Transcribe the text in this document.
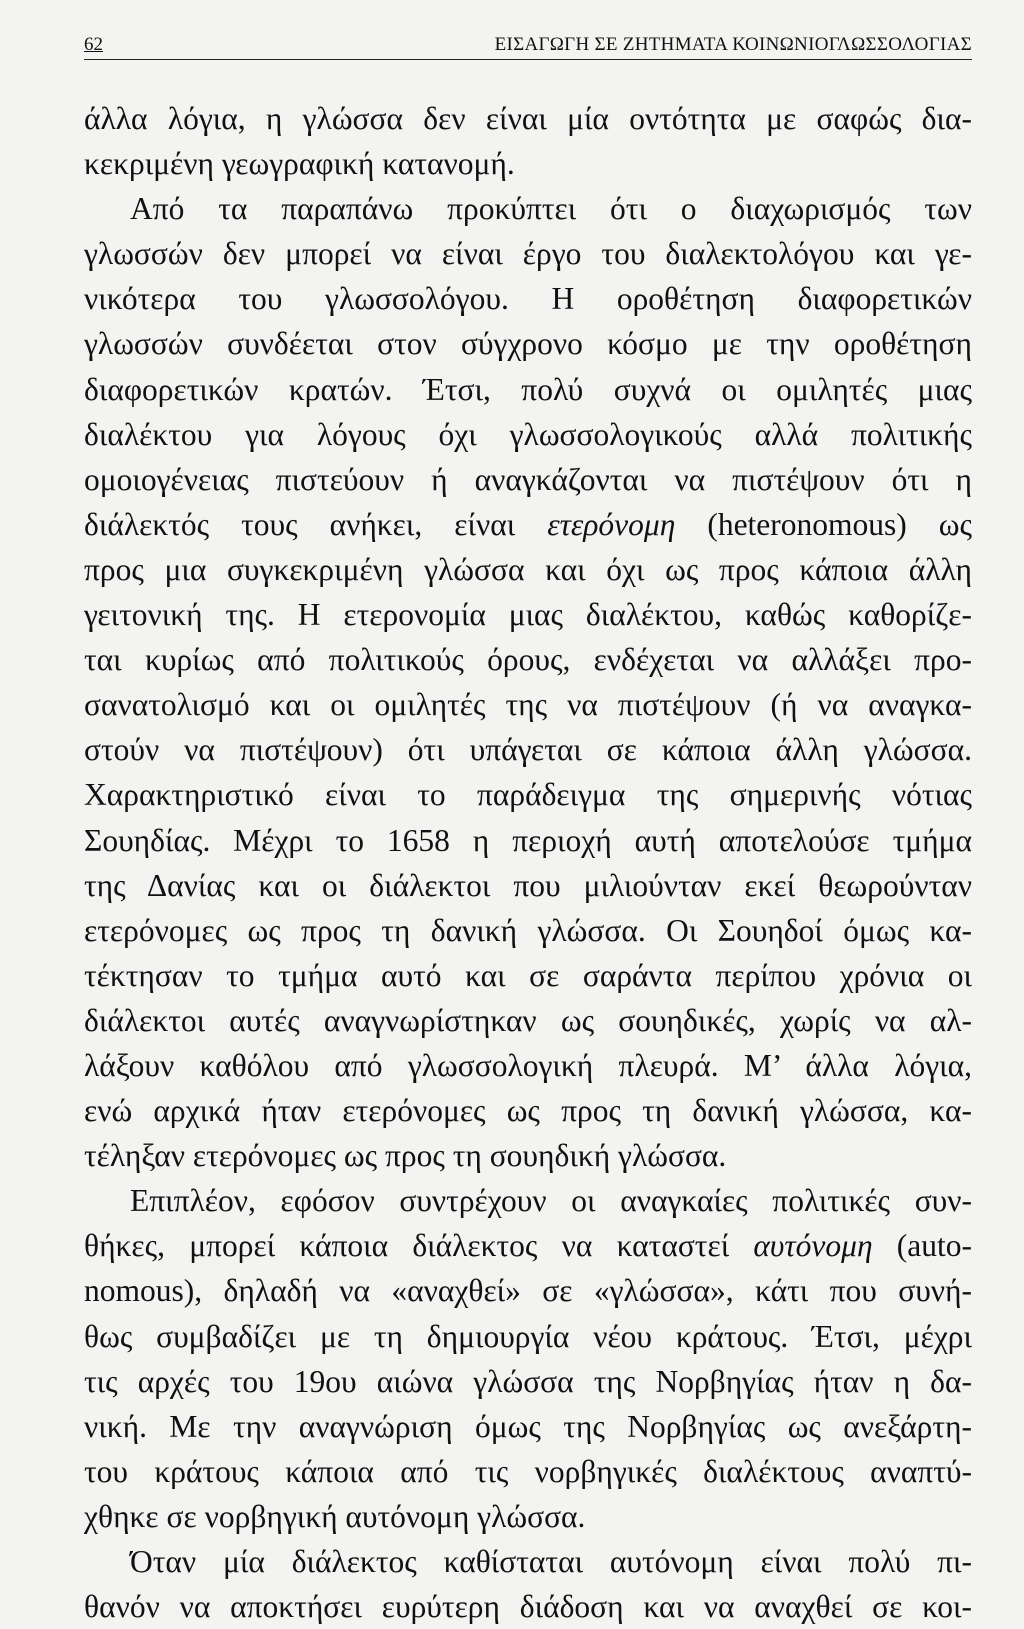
62	ΕΙΣΑΓΩΓΗ ΣΕ ΖΗΤΗΜΑΤΑ ΚΟΙΝΩΝΙΟΓΛΩΣΣΟΛΟΓΙΑΣ
άλλα λόγια, η γλώσσα δεν είναι μία οντότητα με σαφώς δια-
κεκριμένη γεωγραφική κατανομή.
Από τα παραπάνω προκύπτει ότι ο διαχωρισμός των
γλωσσών δεν μπορεί να είναι έργο του διαλεκτολόγου και γε-
νικότερα του γλωσσολόγου. Η οροθέτηση διαφορετικών
γλωσσών συνδέεται στον σύγχρονο κόσμο με την οροθέτηση
διαφορετικών κρατών. Έτσι, πολύ συχνά οι ομιλητές μιας
διαλέκτου για λόγους όχι γλωσσολογικούς αλλά πολιτικής
ομοιογένειας πιστεύουν ή αναγκάζονται να πιστέψουν ότι η
διάλεκτός τους ανήκει, είναι ετερόνομη (heteronomous) ως
προς μια συγκεκριμένη γλώσσα και όχι ως προς κάποια άλλη
γειτονική της. Η ετερονομία μιας διαλέκτου, καθώς καθορίζε-
ται κυρίως από πολιτικούς όρους, ενδέχεται να αλλάξει προ-
σανατολισμό και οι ομιλητές της να πιστέψουν (ή να αναγκα-
στούν να πιστέψουν) ότι υπάγεται σε κάποια άλλη γλώσσα.
Χαρακτηριστικό είναι το παράδειγμα της σημερινής νότιας
Σουηδίας. Μέχρι το 1658 η περιοχή αυτή αποτελούσε τμήμα
της Δανίας και οι διάλεκτοι που μιλιούνταν εκεί θεωρούνταν
ετερόνομες ως προς τη δανική γλώσσα. Οι Σουηδοί όμως κα-
τέκτησαν το τμήμα αυτό και σε σαράντα περίπου χρόνια οι
διάλεκτοι αυτές αναγνωρίστηκαν ως σουηδικές, χωρίς να αλ-
λάξουν καθόλου από γλωσσολογική πλευρά. Μ’ άλλα λόγια,
ενώ αρχικά ήταν ετερόνομες ως προς τη δανική γλώσσα, κα-
τέληξαν ετερόνομες ως προς τη σουηδική γλώσσα.
Επιπλέον, εφόσον συντρέχουν οι αναγκαίες πολιτικές συν-
θήκες, μπορεί κάποια διάλεκτος να καταστεί αυτόνομη (auto-
nomous), δηλαδή να «αναχθεί» σε «γλώσσα», κάτι που συνή-
θως συμβαδίζει με τη δημιουργία νέου κράτους. Έτσι, μέχρι
τις αρχές του 19ου αιώνα γλώσσα της Νορβηγίας ήταν η δα-
νική. Με την αναγνώριση όμως της Νορβηγίας ως ανεξάρτη-
του κράτους κάποια από τις νορβηγικές διαλέκτους αναπτύ-
χθηκε σε νορβηγική αυτόνομη γλώσσα.
Όταν μία διάλεκτος καθίσταται αυτόνομη είναι πολύ πι-
θανόν να αποκτήσει ευρύτερη διάδοση και να αναχθεί σε κοι-
